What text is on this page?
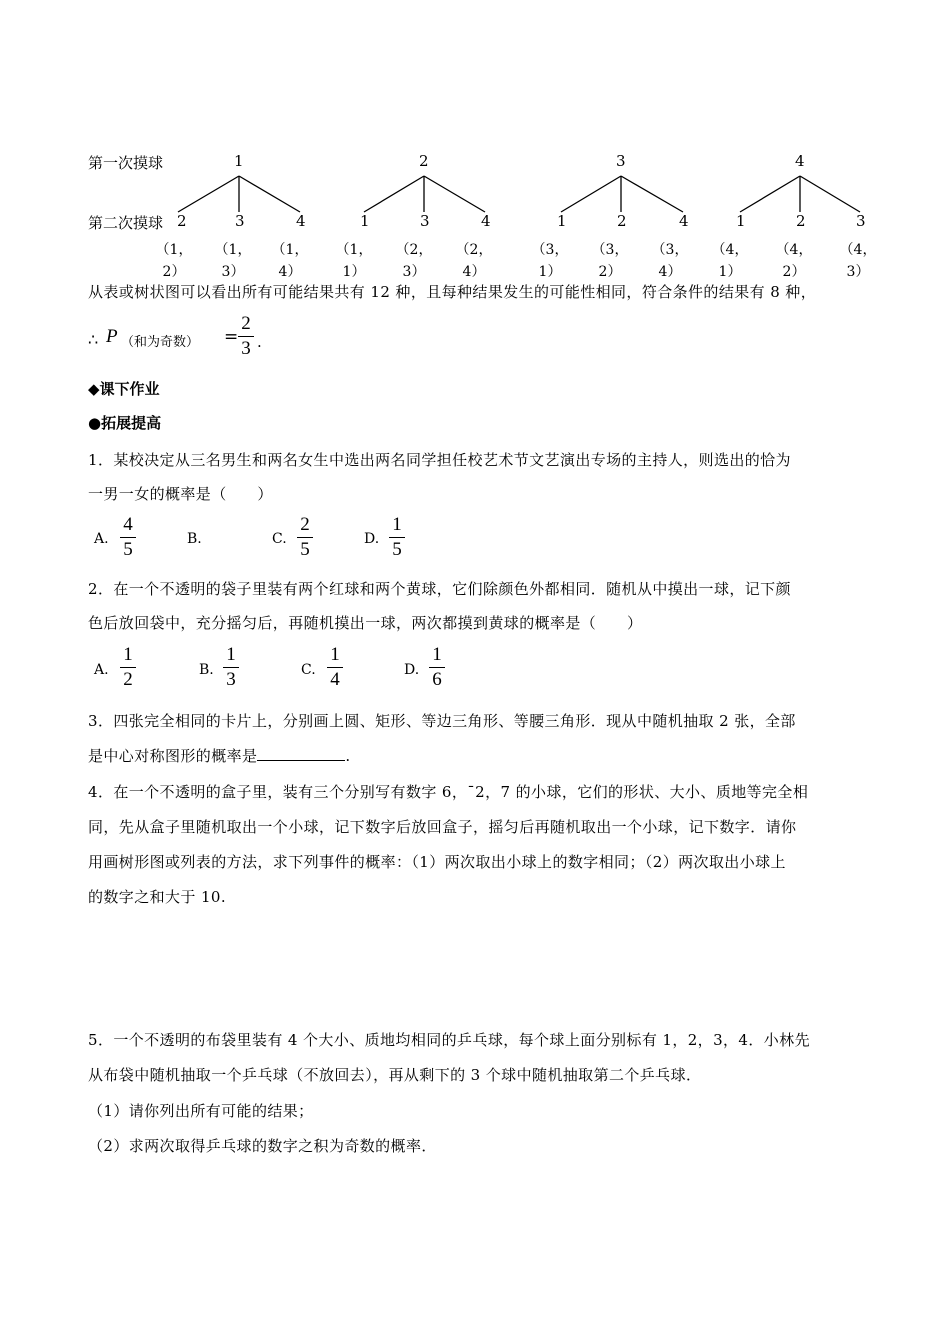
第一次摸球
第二次摸球
1	2	3	4
2	3	4	1	3	4	1	2	4	1	2	3
（1，
2）
（1，
3）
（1，
4）
（1，
1）
（2，
3）
（2，
4）
（3，
1）
（3，
2）
（3，
4）
（4，
1）
（4，
2）
（4，
3）
从表或树状图可以看出所有可能结果共有 12 种，且每种结果发生的可能性相同，符合条件的结果有 8 种，
∴ P （和为奇数） =
2
3 .
◆课下作业
●拓展提高
1．某校决定从三名男生和两名女生中选出两名同学担任校艺术节文艺演出专场的主持人，则选出的恰为
一男一女的概率是（　　）
A.
4
5	B.	C.
2
5	D.
1
5
2．在一个不透明的袋子里装有两个红球和两个黄球，它们除颜色外都相同．随机从中摸出一球，记下颜
色后放回袋中，充分摇匀后，再随机摸出一球，两次都摸到黄球的概率是（　　）
A.
1
2	B.
1
3	C.
1
4	D.
1
6
3．四张完全相同的卡片上，分别画上圆、矩形、等边三角形、等腰三角形．现从中随机抽取 2 张，全部
是中心对称图形的概率是	.
4．在一个不透明的盒子里，装有三个分别写有数字 6，¯2，7 的小球，它们的形状、大小、质地等完全相
同，先从盒子里随机取出一个小球，记下数字后放回盒子，摇匀后再随机取出一个小球，记下数字．请你
用画树形图或列表的方法，求下列事件的概率：（1）两次取出小球上的数字相同；（2）两次取出小球上
的数字之和大于 10.
5．一个不透明的布袋里装有 4 个大小、质地均相同的乒乓球，每个球上面分别标有 1，2，3，4．小林先
从布袋中随机抽取一个乒乓球（不放回去），再从剩下的 3 个球中随机抽取第二个乒乓球．
（1）请你列出所有可能的结果；
（2）求两次取得乒乓球的数字之积为奇数的概率．
